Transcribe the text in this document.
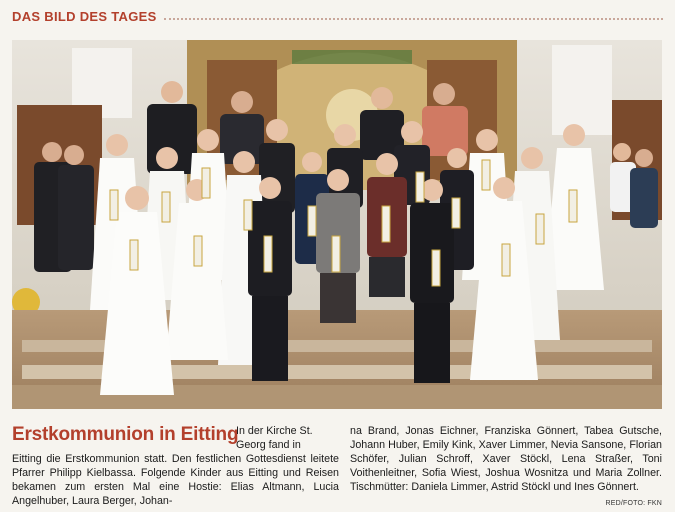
DAS BILD DES TAGES
Erstkommunion in Eitting
In der Kirche St. Georg fand in
Eitting die Erstkommunion statt. Den festlichen Gottesdienst leitete Pfarrer Philipp Kielbassa. Folgende Kinder aus Eitting und Reisen bekamen zum ersten Mal eine Hostie: Elias Altmann, Lucia Angelhuber, Laura Berger, Johan-
na Brand, Jonas Eichner, Franziska Gönnert, Tabea Gutsche, Johann Huber, Emily Kink, Xaver Limmer, Nevia Sansone, Florian Schöfer, Julian Schroff, Xaver Stöckl, Lena Straßer, Toni Voithenleitner, Sofia Wiest, Joshua Wosnitza und Maria Zollner. Tischmütter: Daniela Limmer, Astrid Stöckl und Ines Gönnert.
RED/FOTO: FKN
